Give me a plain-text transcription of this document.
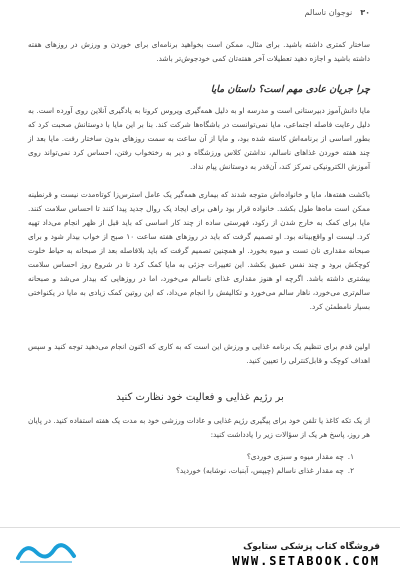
۳۰
نوجوان ناسالم

ساختار کمتری داشته باشید. برای مثال، ممکن است بخواهید برنامه‌ای برای خوردن و ورزش در روزهای هفته داشته باشید و اجازه دهید تعطیلات آخر هفته‌تان کمی خودجوش‌تر باشد.

چرا جریان عادی مهم است؟ داستان مایا

مایا دانش‌آموز دبیرستانی است و مدرسه او به دلیل همه‌گیری ویروس کرونا به یادگیری آنلاین روی آورده است. به دلیل رعایت فاصله اجتماعی، مایا نمی‌توانست در باشگاه‌ها شرکت کند. بنا بر این مایا با دوستانش صحبت کرد که بطور اساسی از برنامه‌اش کاسته شده بود، و مایا از آن ساعت به سمت روزهای بدون ساختار رفت. مایا بعد از چند هفته خوردن غذاهای ناسالم، نداشتن کلاس ورزشگاه و دیر به رختخواب رفتن، احساس کرد نمی‌تواند روی آموزش الکترونیکی تمرکز کند، آن‌قدر به دوستانش پیام نداد.

باکشت هفته‌ها، مایا و خانواده‌اش متوجه شدند که بیماری همه‌گیر یک عامل استرس‌زا کوتاه‌مدت نیست و قرنطینه ممکن است ماه‌ها طول بکشد. خانواده قرار بود راهی برای ایجاد یک روال جدید پیدا کنند تا احساس سلامت کنند. مایا برای کمک به خارج شدن از رکود، فهرستی ساده از چند کار اساسی که باید قبل از ظهر انجام می‌داد تهیه کرد. لیست او واقع‌بینانه بود. او تصمیم گرفت که باید در روزهای هفته ساعت ۱۰ صبح از خواب بیدار شود و برای صبحانه مقداری نان تست و میوه بخورد. او همچنین تصمیم گرفت که باید بلافاصله بعد از صبحانه به حیاط خلوت کوچکش برود و چند نفس عمیق بکشد. این تغییرات جزئی به مایا کمک کرد تا در شروع روز احساس سلامت بیشتری داشته باشد. اگرچه او هنوز مقداری غذای ناسالم می‌خورد، اما در روزهایی که بیدار می‌شد و صبحانه سالم‌تری می‌خورد، ناهار سالم می‌خورد و تکالیفش را انجام می‌داد، که این روتین کمک زیادی به مایا در یکنواختی بسیار نامطمئن کرد.

اولین قدم برای تنظیم یک برنامه غذایی و ورزش این است که به کاری که اکنون انجام می‌دهید توجه کنید و سپس اهداف کوچک و قابل‌کنترلی را تعیین کنید.

بر رژیم غذایی و فعالیت خود نظارت کنید

از یک تکه کاغذ یا تلفن خود برای پیگیری رژیم غذایی و عادات ورزشی خود به مدت یک هفته استفاده کنید. در پایان هر روز، پاسخ هر یک از سؤالات زیر را یادداشت کنید:

۱.
چه مقدار میوه و سبزی خوردی؟
۲.
چه مقدار غذای ناسالم (چیپس، آبنبات، نوشابه) خوردید؟
فروشگاه کتاب پزشکی ستابوک
WWW.SETABOOK.COM
